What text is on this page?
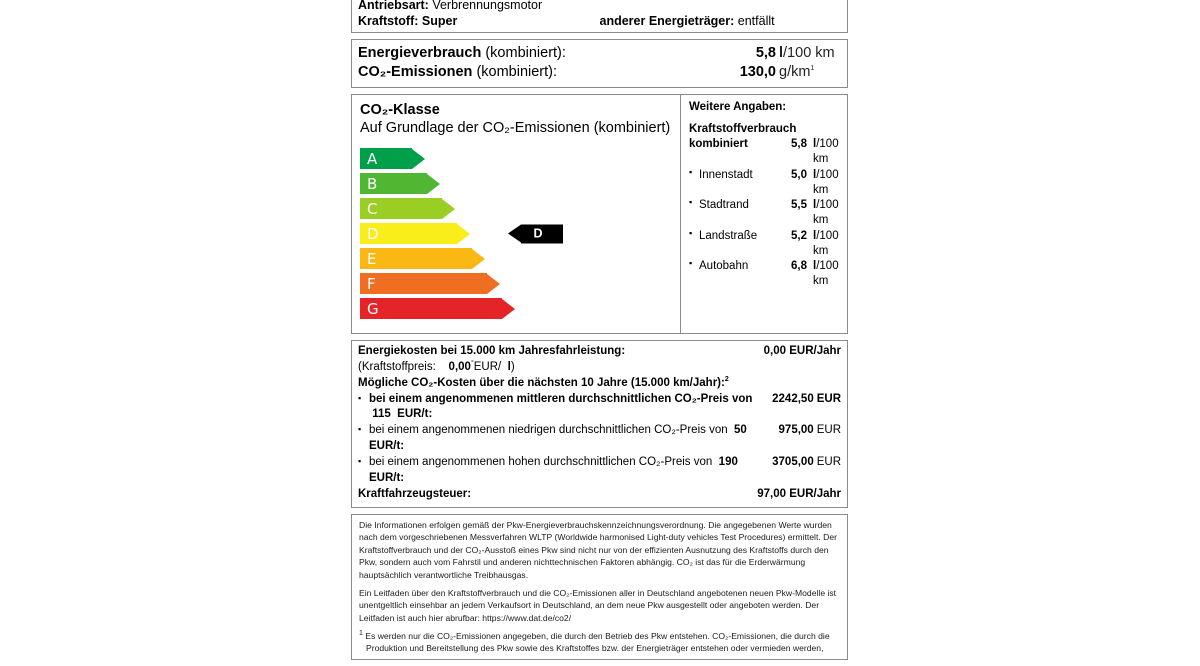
Antriebsart: Verbrennungsmotor
Kraftstoff: Super	anderer Energieträger: entfällt
Energieverbrauch (kombiniert):	5,8 l/100 km
CO₂-Emissionen (kombiniert):	130,0 $g/km^1$
CO₂-Klasse
Auf Grundlage der CO₂-Emissionen (kombiniert)
A
B
C
D	D
E
F
G
Weitere Angaben:
Kraftstoffverbrauch
kombiniert	5,8 l/100 km
▪ Innenstadt	5,0 l/100 km
▪ Stadtrand	5,5 l/100 km
▪ Landstraße	5,2 l/100 km
▪ Autobahn	6,8 l/100 km
Energiekosten bei 15.000 km Jahresfahrleistung:	0,00 EUR/Jahr
(Kraftstoffpreis: 0,00°EUR/ l)
Mögliche CO₂-Kosten über die nächsten 10 Jahre (15.000 km/Jahr):$^2$
▪ bei einem angenommenen mittleren durchschnittlichen CO₂-Preis von  115 EUR/t:
2242,50 EUR
▪ bei einem angenommenen niedrigen durchschnittlichen CO₂-Preis von  50  EUR/t:
975,00 EUR
▪ bei einem angenommenen hohen durchschnittlichen CO₂-Preis von  190  EUR/t:
3705,00 EUR
Kraftfahrzeugsteuer:	97,00 EUR/Jahr

Die Informationen erfolgen gemäß der Pkw-Energieverbrauchskennzeichnungsverordnung. Die angegebenen Werte wurden nach dem vorgeschriebenen Messverfahren WLTP (Worldwide harmonised Light-duty vehicles Test Procedures) ermittelt. Der Kraftstoffverbrauch und der CO₂-Ausstoß eines Pkw sind nicht nur von der effizienten Ausnutzung des Kraftstoffs durch den Pkw, sondern auch vom Fahrstil und anderen nichttechnischen Faktoren abhängig. CO₂ ist das für die Erderwärmung hauptsächlich verantwortliche Treibhausgas.

Ein Leitfaden über den Kraftstoffverbrauch und die CO₂-Emissionen aller in Deutschland angebotenen neuen Pkw-Modelle ist unentgeltlich einsehbar an jedem Verkaufsort in Deutschland, an dem neue Pkw ausgestellt oder angeboten werden. Der Leitfaden ist auch hier abrufbar: https://www.dat.de/co2/

$^1$ Es werden nur die CO₂-Emissionen angegeben, die durch den Betrieb des Pkw entstehen. CO₂-Emissionen, die durch die Produktion und Bereitstellung des Pkw sowie des Kraftstoffes bzw. der Energieträger entstehen oder vermieden werden,
